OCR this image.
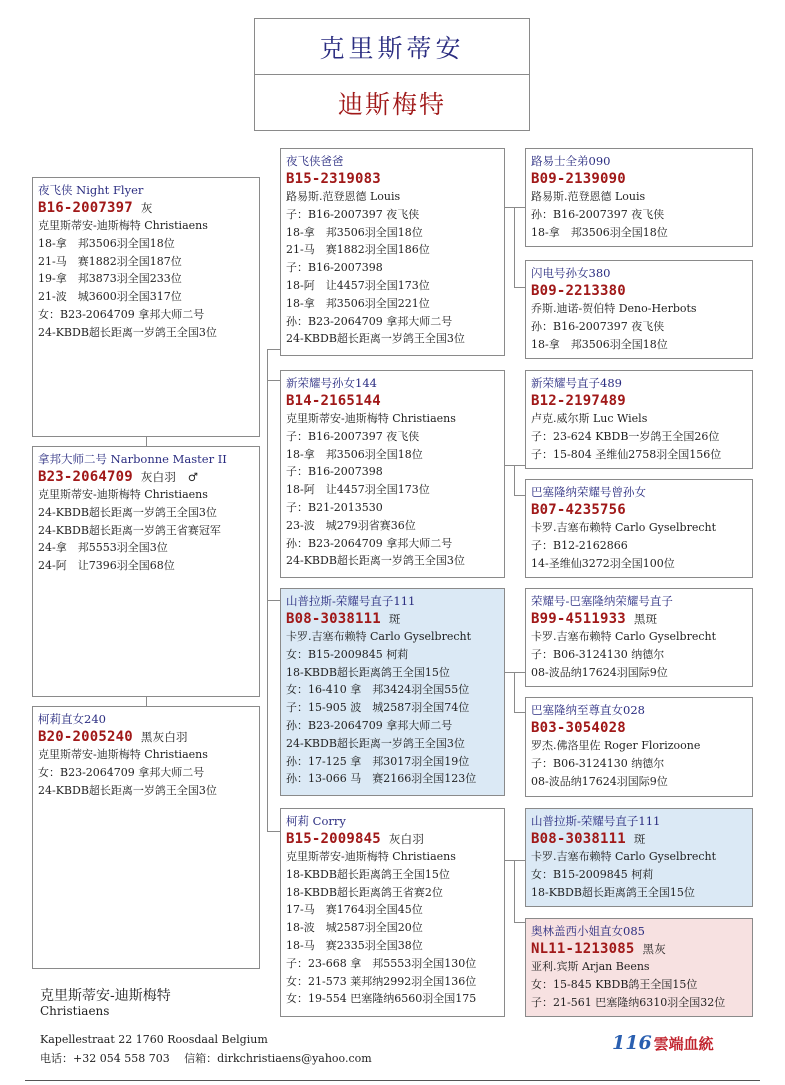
克里斯蒂安
迪斯梅特
夜飞侠 Night Flyer
B16-2007397 灰
克里斯蒂安-迪斯梅特 Christiaens
18-拿　邦3506羽全国18位
21-马　赛1882羽全国187位
19-拿　邦3873羽全国233位
21-波　城3600羽全国317位
女：B23-2064709 拿邦大师二号
24-KBDB超长距离一岁鸽王全国3位
拿邦大师二号 Narbonne Master II
B23-2064709 灰白羽　♂
克里斯蒂安-迪斯梅特 Christiaens
24-KBDB超长距离一岁鸽王全国3位
24-KBDB超长距离一岁鸽王省赛冠军
24-拿　邦5553羽全国3位
24-阿　让7396羽全国68位
柯莉直女240
B20-2005240 黑灰白羽
克里斯蒂安-迪斯梅特 Christiaens
女：B23-2064709 拿邦大师二号
24-KBDB超长距离一岁鸽王全国3位
夜飞侠爸爸
B15-2319083
路易斯.范登恩德 Louis
子：B16-2007397 夜飞侠
18-拿　邦3506羽全国18位
21-马　赛1882羽全国186位
子：B16-2007398
18-阿　让4457羽全国173位
18-拿　邦3506羽全国221位
孙：B23-2064709 拿邦大师二号
24-KBDB超长距离一岁鸽王全国3位
新荣耀号孙女144
B14-2165144
克里斯蒂安-迪斯梅特 Christiaens
子：B16-2007397 夜飞侠
18-拿　邦3506羽全国18位
子：B16-2007398
18-阿　让4457羽全国173位
子：B21-2013530
23-波　城279羽省赛36位
孙：B23-2064709 拿邦大师二号
24-KBDB超长距离一岁鸽王全国3位
山普拉斯-荣耀号直子111
B08-3038111 斑
卡罗.吉塞布赖特 Carlo Gyselbrecht
女：B15-2009845 柯莉
18-KBDB超长距离鸽王全国15位
女：16-410 拿　邦3424羽全国55位
子：15-905 波　城2587羽全国74位
孙：B23-2064709 拿邦大师二号
24-KBDB超长距离一岁鸽王全国3位
孙：17-125 拿　邦3017羽全国19位
孙：13-066 马　赛2166羽全国123位
柯莉 Corry
B15-2009845 灰白羽
克里斯蒂安-迪斯梅特 Christiaens
18-KBDB超长距离鸽王全国15位
18-KBDB超长距离鸽王省赛2位
17-马　赛1764羽全国45位
18-波　城2587羽全国20位
18-马　赛2335羽全国38位
子：23-668 拿　邦5553羽全国130位
女：21-573 莱邦纳2992羽全国136位
女：19-554 巴塞隆纳6560羽全国175
路易士全弟090
B09-2139090
路易斯.范登恩德 Louis
孙：B16-2007397 夜飞侠
18-拿　邦3506羽全国18位
闪电号孙女380
B09-2213380
乔斯.迪诺-贺伯特 Deno-Herbots
孙：B16-2007397 夜飞侠
18-拿　邦3506羽全国18位
新荣耀号直子489
B12-2197489
卢克.威尔斯 Luc Wiels
子：23-624 KBDB一岁鸽王全国26位
子：15-804 圣维仙2758羽全国156位
巴塞隆纳荣耀号曾孙女
B07-4235756
卡罗.吉塞布赖特 Carlo Gyselbrecht
子：B12-2162866
14-圣维仙3272羽全国100位
荣耀号-巴塞隆纳荣耀号直子
B99-4511933 黑斑
卡罗.吉塞布赖特 Carlo Gyselbrecht
子：B06-3124130 纳德尔
08-波品纳17624羽国际9位
巴塞隆纳至尊直女028
B03-3054028
罗杰.佛洛里佐 Roger Florizoone
子：B06-3124130 纳德尔
08-波品纳17624羽国际9位
山普拉斯-荣耀号直子111
B08-3038111 斑
卡罗.吉塞布赖特 Carlo Gyselbrecht
女：B15-2009845 柯莉
18-KBDB超长距离鸽王全国15位
奥林盖西小姐直女085
NL11-1213085 黑灰
亚利.宾斯 Arjan Beens
女：15-845 KBDB鸽王全国15位
子：21-561 巴塞隆纳6310羽全国32位
克里斯蒂安-迪斯梅特
Christiaens
Kapellestraat 22 1760 Roosdaal Belgium
电话：+32 054 558 703　 信箱：dirkchristiaens@yahoo.com
116 雲端血統
